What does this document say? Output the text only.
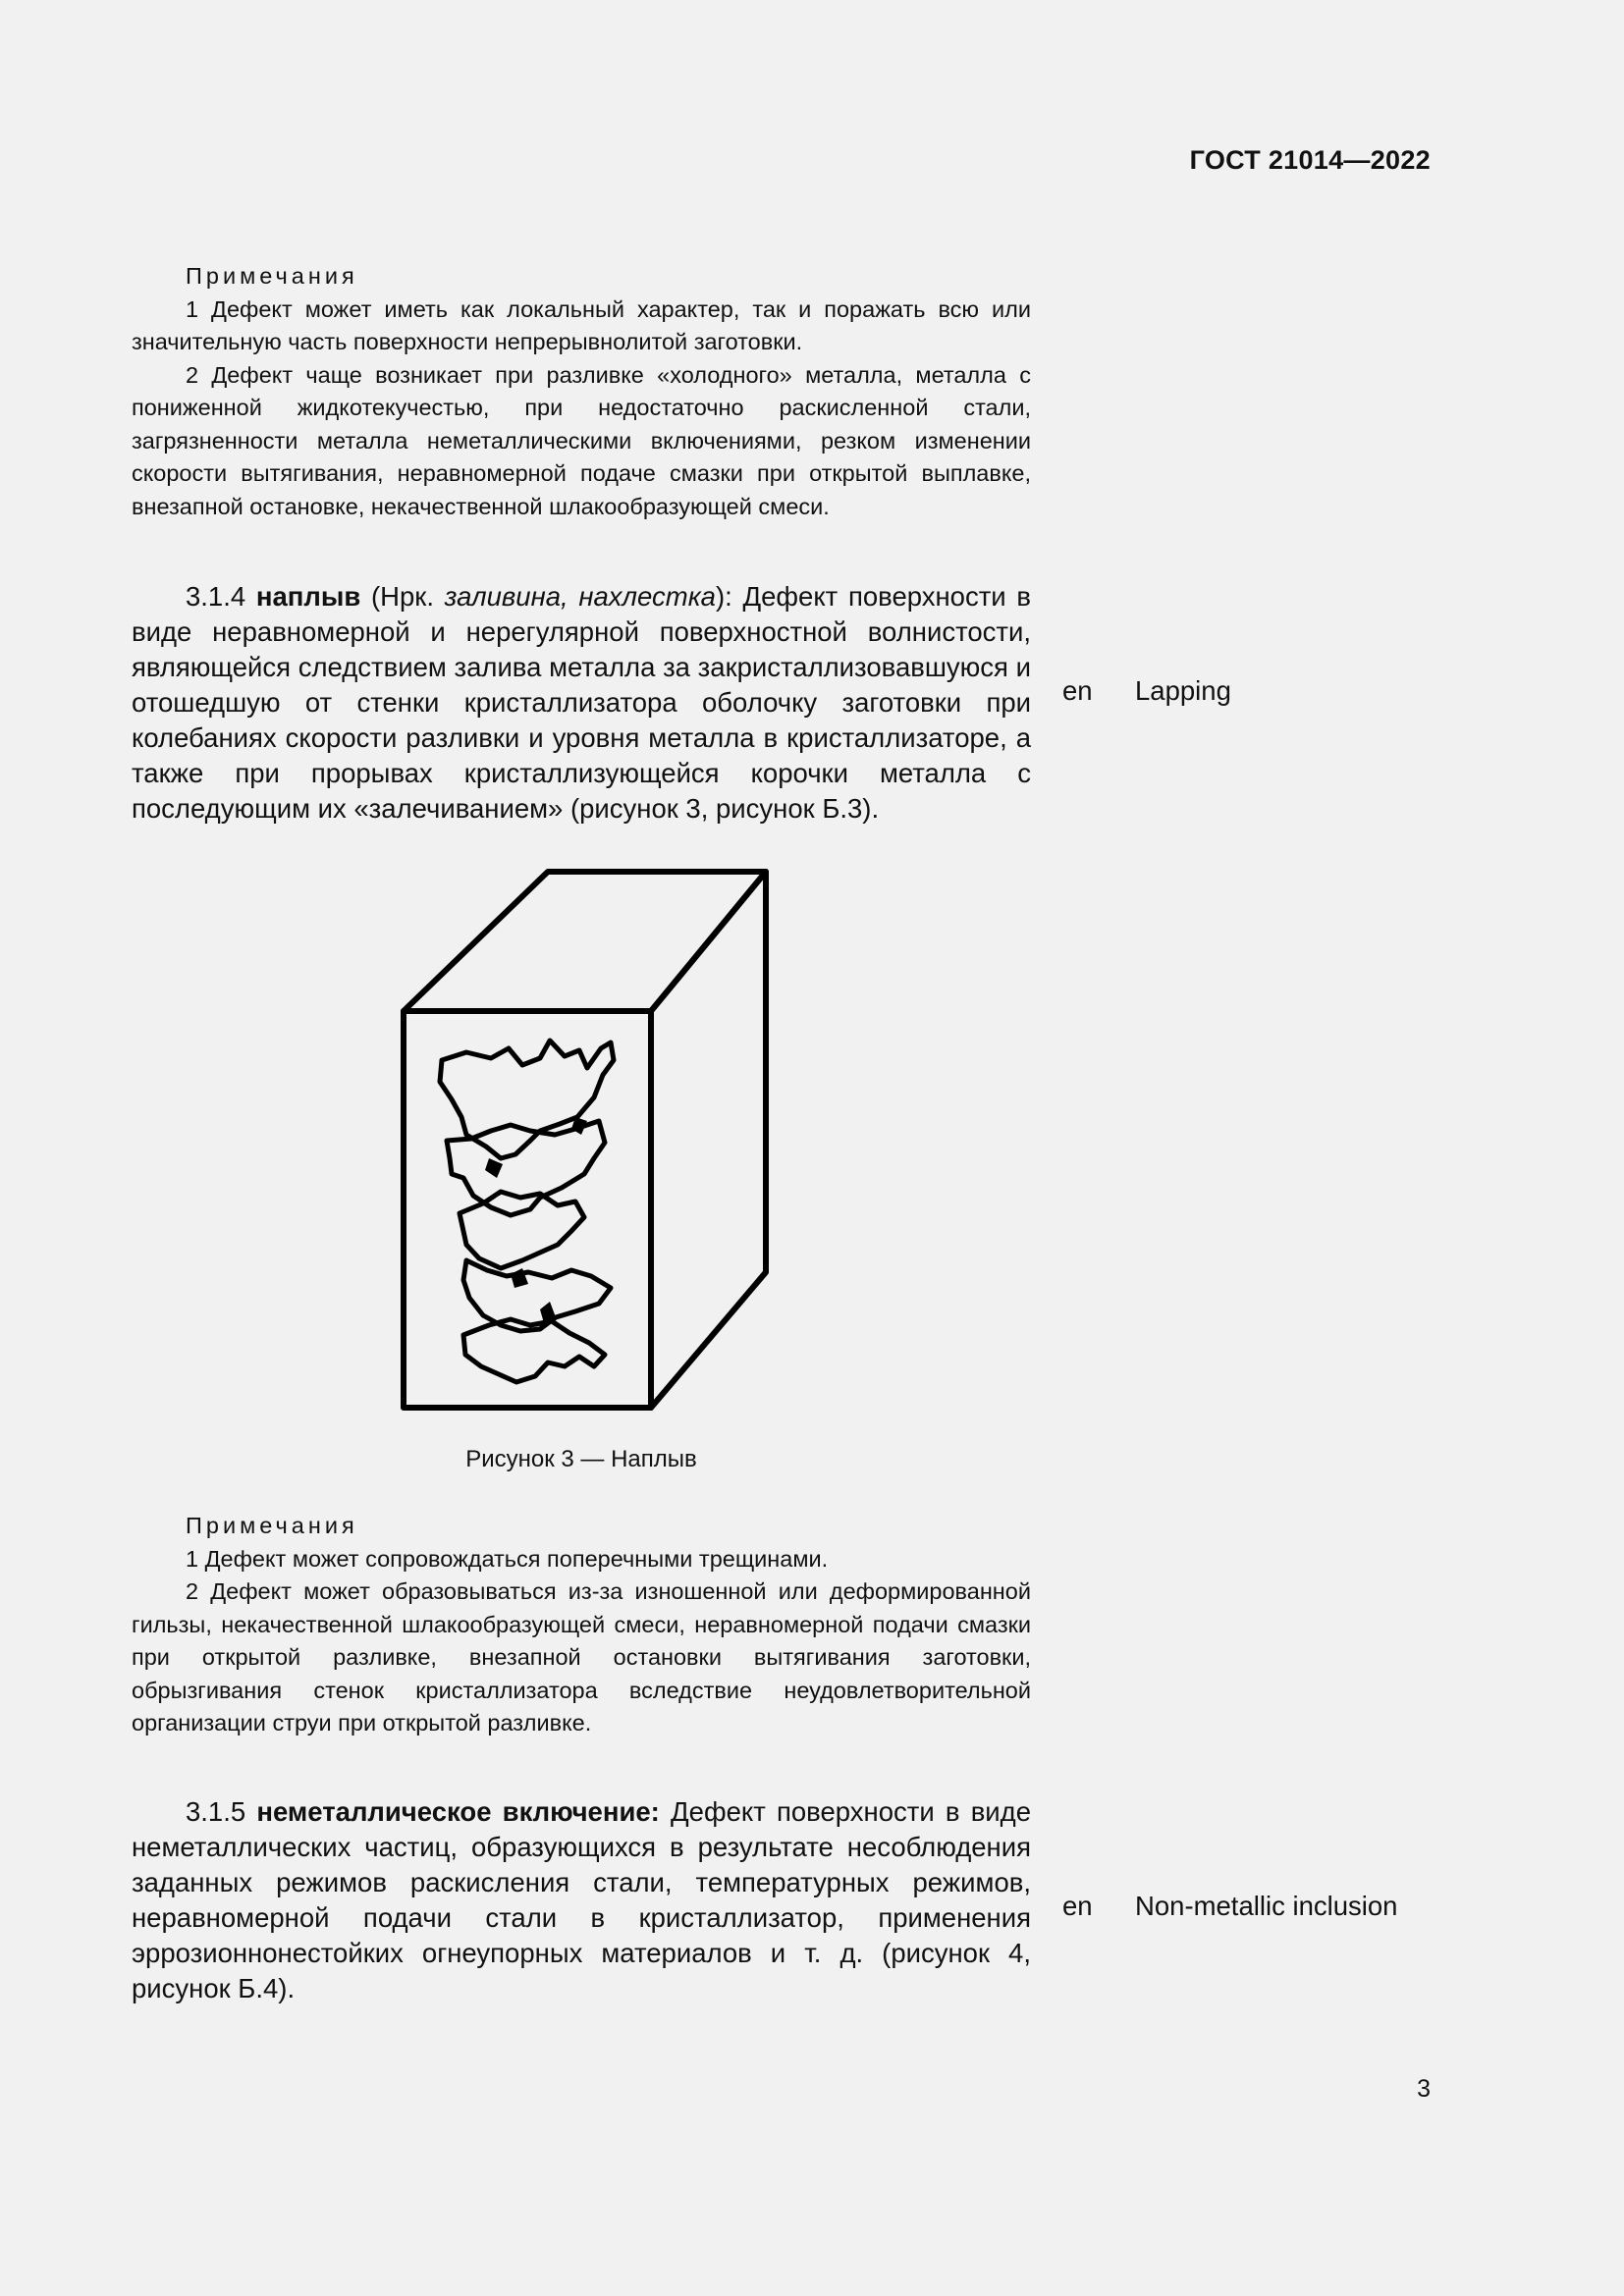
ГОСТ 21014—2022

Примечания

1 Дефект может иметь как локальный характер, так и поражать всю или значительную часть поверхности непрерывнолитой заготовки.

2 Дефект чаще возникает при разливке «холодного» металла, металла с пониженной жидкотекучестью, при недостаточно раскисленной стали, загрязненности металла неметаллическими включениями, резком изменении скорости вытягивания, неравномерной подаче смазки при открытой выплавке, внезапной остановке, некачественной шлакообразующей смеси.

3.1.4 наплыв (Нрк. заливина, нахлестка): Дефект поверхности в виде неравномерной и нерегулярной поверхностной волнистости, являющейся следствием залива металла за закристаллизовавшуюся и отошедшую от стенки кристаллизатора оболочку заготовки при колебаниях скорости разливки и уровня металла в кристаллизаторе, а также при прорывах кристаллизующейся корочки металла с последующим их «залечиванием» (рисунок 3, рисунок Б.3).

en Lapping
Рисунок 3 — Наплыв

Примечания

1 Дефект может сопровождаться поперечными трещинами.

2 Дефект может образовываться из-за изношенной или деформированной гильзы, некачественной шлакообразующей смеси, неравномерной подачи смазки при открытой разливке, внезапной остановки вытягивания заготовки, обрызгивания стенок кристаллизатора вследствие неудовлетворительной организации струи при открытой разливке.

3.1.5 неметаллическое включение: Дефект поверхности в виде неметаллических частиц, образующихся в результате несоблюдения заданных режимов раскисления стали, температурных режимов, неравномерной подачи стали в кристаллизатор, применения эррозионнонестойких огнеупорных материалов и т. д. (рисунок 4, рисунок Б.4).

en Non-metallic inclusion
3
